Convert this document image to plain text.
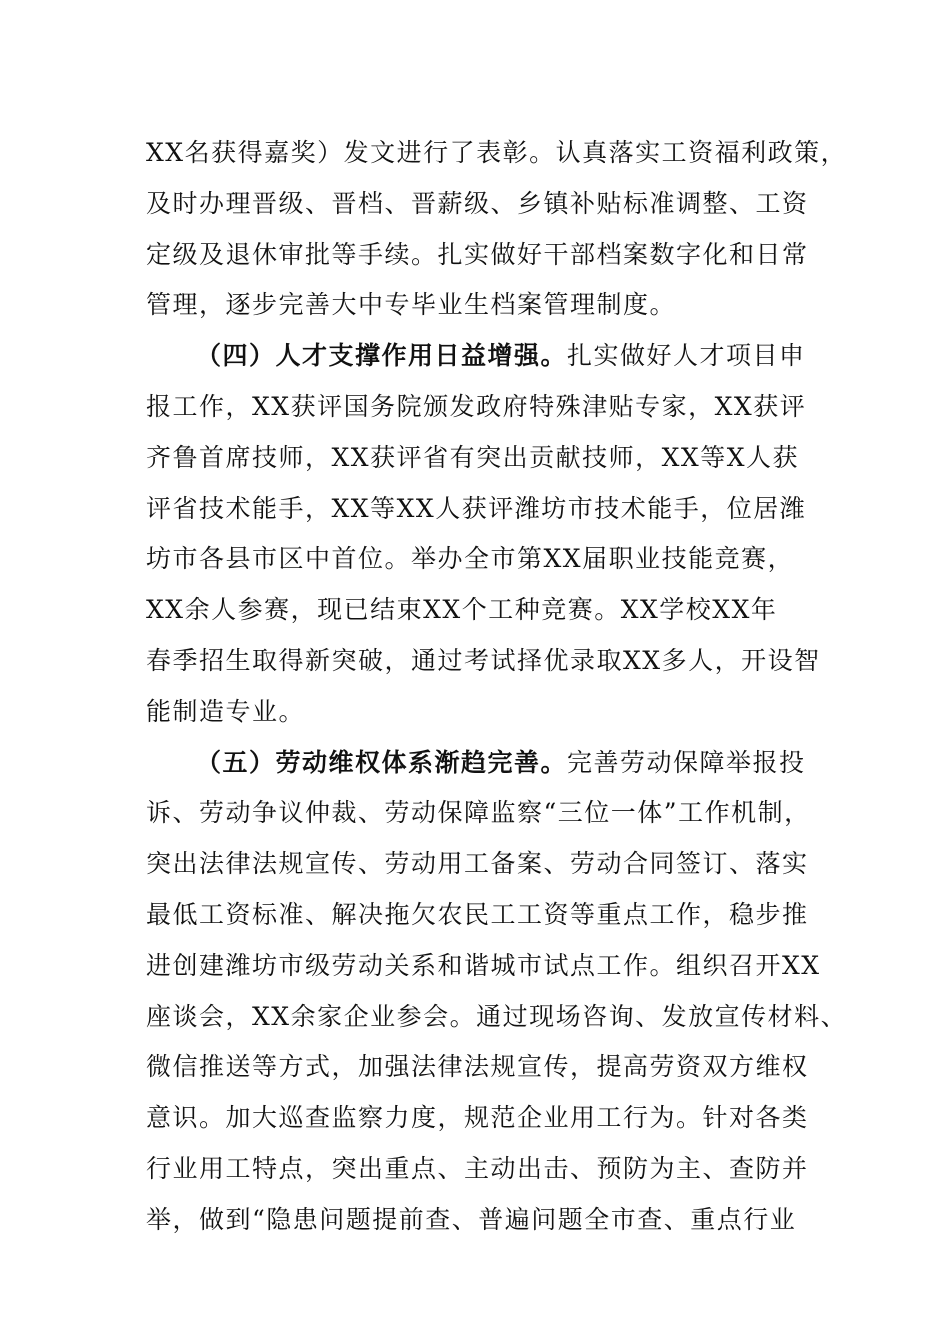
XX名获得嘉奖）发文进行了表彰。认真落实工资福利政策，
及时办理晋级、晋档、晋薪级、乡镇补贴标准调整、工资
定级及退休审批等手续。扎实做好干部档案数字化和日常
管理，逐步完善大中专毕业生档案管理制度。
（四）人才支撑作用日益增强。扎实做好人才项目申
报工作，XX获评国务院颁发政府特殊津贴专家，XX获评
齐鲁首席技师，XX获评省有突出贡献技师，XX等X人获
评省技术能手，XX等XX人获评潍坊市技术能手，位居潍
坊市各县市区中首位。举办全市第XX届职业技能竞赛，
XX余人参赛，现已结束XX个工种竞赛。XX学校XX年
春季招生取得新突破，通过考试择优录取XX多人，开设智
能制造专业。
（五）劳动维权体系渐趋完善。完善劳动保障举报投
诉、劳动争议仲裁、劳动保障监察“三位一体”工作机制，
突出法律法规宣传、劳动用工备案、劳动合同签订、落实
最低工资标准、解决拖欠农民工工资等重点工作，稳步推
进创建潍坊市级劳动关系和谐城市试点工作。组织召开XX
座谈会，XX余家企业参会。通过现场咨询、发放宣传材料、
微信推送等方式，加强法律法规宣传，提高劳资双方维权
意识。加大巡查监察力度，规范企业用工行为。针对各类
行业用工特点，突出重点、主动出击、预防为主、查防并
举，做到“隐患问题提前查、普遍问题全市查、重点行业
